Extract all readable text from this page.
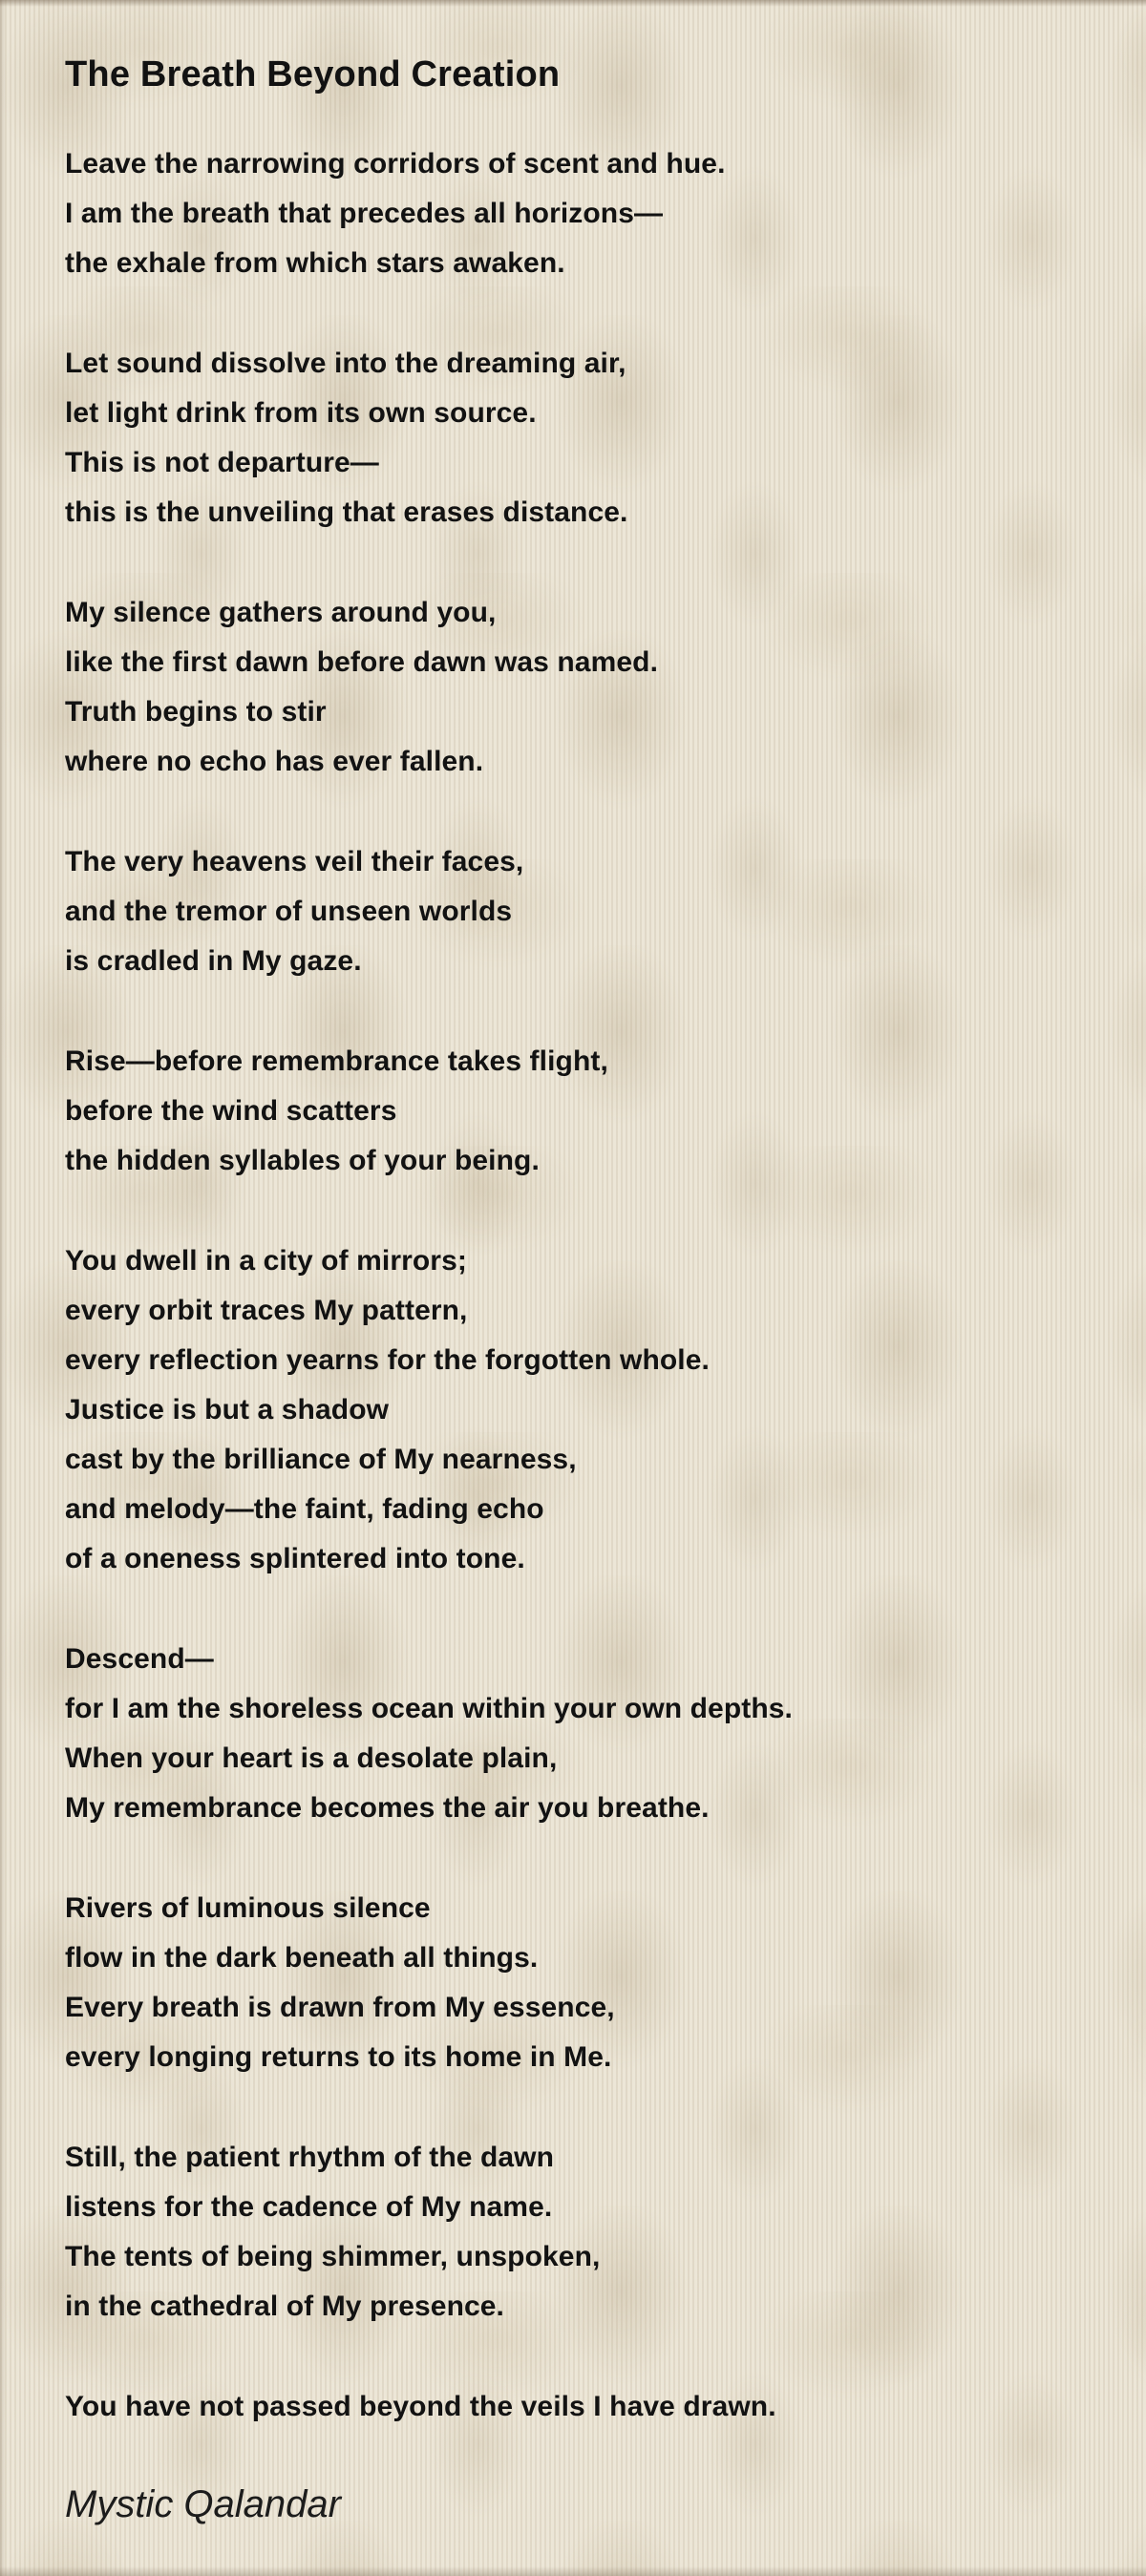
The Breath Beyond Creation

Leave the narrowing corridors of scent and hue.
I am the breath that precedes all horizons—
the exhale from which stars awaken.

Let sound dissolve into the dreaming air,
let light drink from its own source.
This is not departure—
this is the unveiling that erases distance.

My silence gathers around you,
like the first dawn before dawn was named.
Truth begins to stir
where no echo has ever fallen.

The very heavens veil their faces,
and the tremor of unseen worlds
is cradled in My gaze.

Rise—before remembrance takes flight,
before the wind scatters
the hidden syllables of your being.

You dwell in a city of mirrors;
every orbit traces My pattern,
every reflection yearns for the forgotten whole.
Justice is but a shadow
cast by the brilliance of My nearness,
and melody—the faint, fading echo
of a oneness splintered into tone.

Descend—
for I am the shoreless ocean within your own depths.
When your heart is a desolate plain,
My remembrance becomes the air you breathe.

Rivers of luminous silence
flow in the dark beneath all things.
Every breath is drawn from My essence,
every longing returns to its home in Me.

Still, the patient rhythm of the dawn
listens for the cadence of My name.
The tents of being shimmer, unspoken,
in the cathedral of My presence.

You have not passed beyond the veils I have drawn.

Mystic Qalandar
